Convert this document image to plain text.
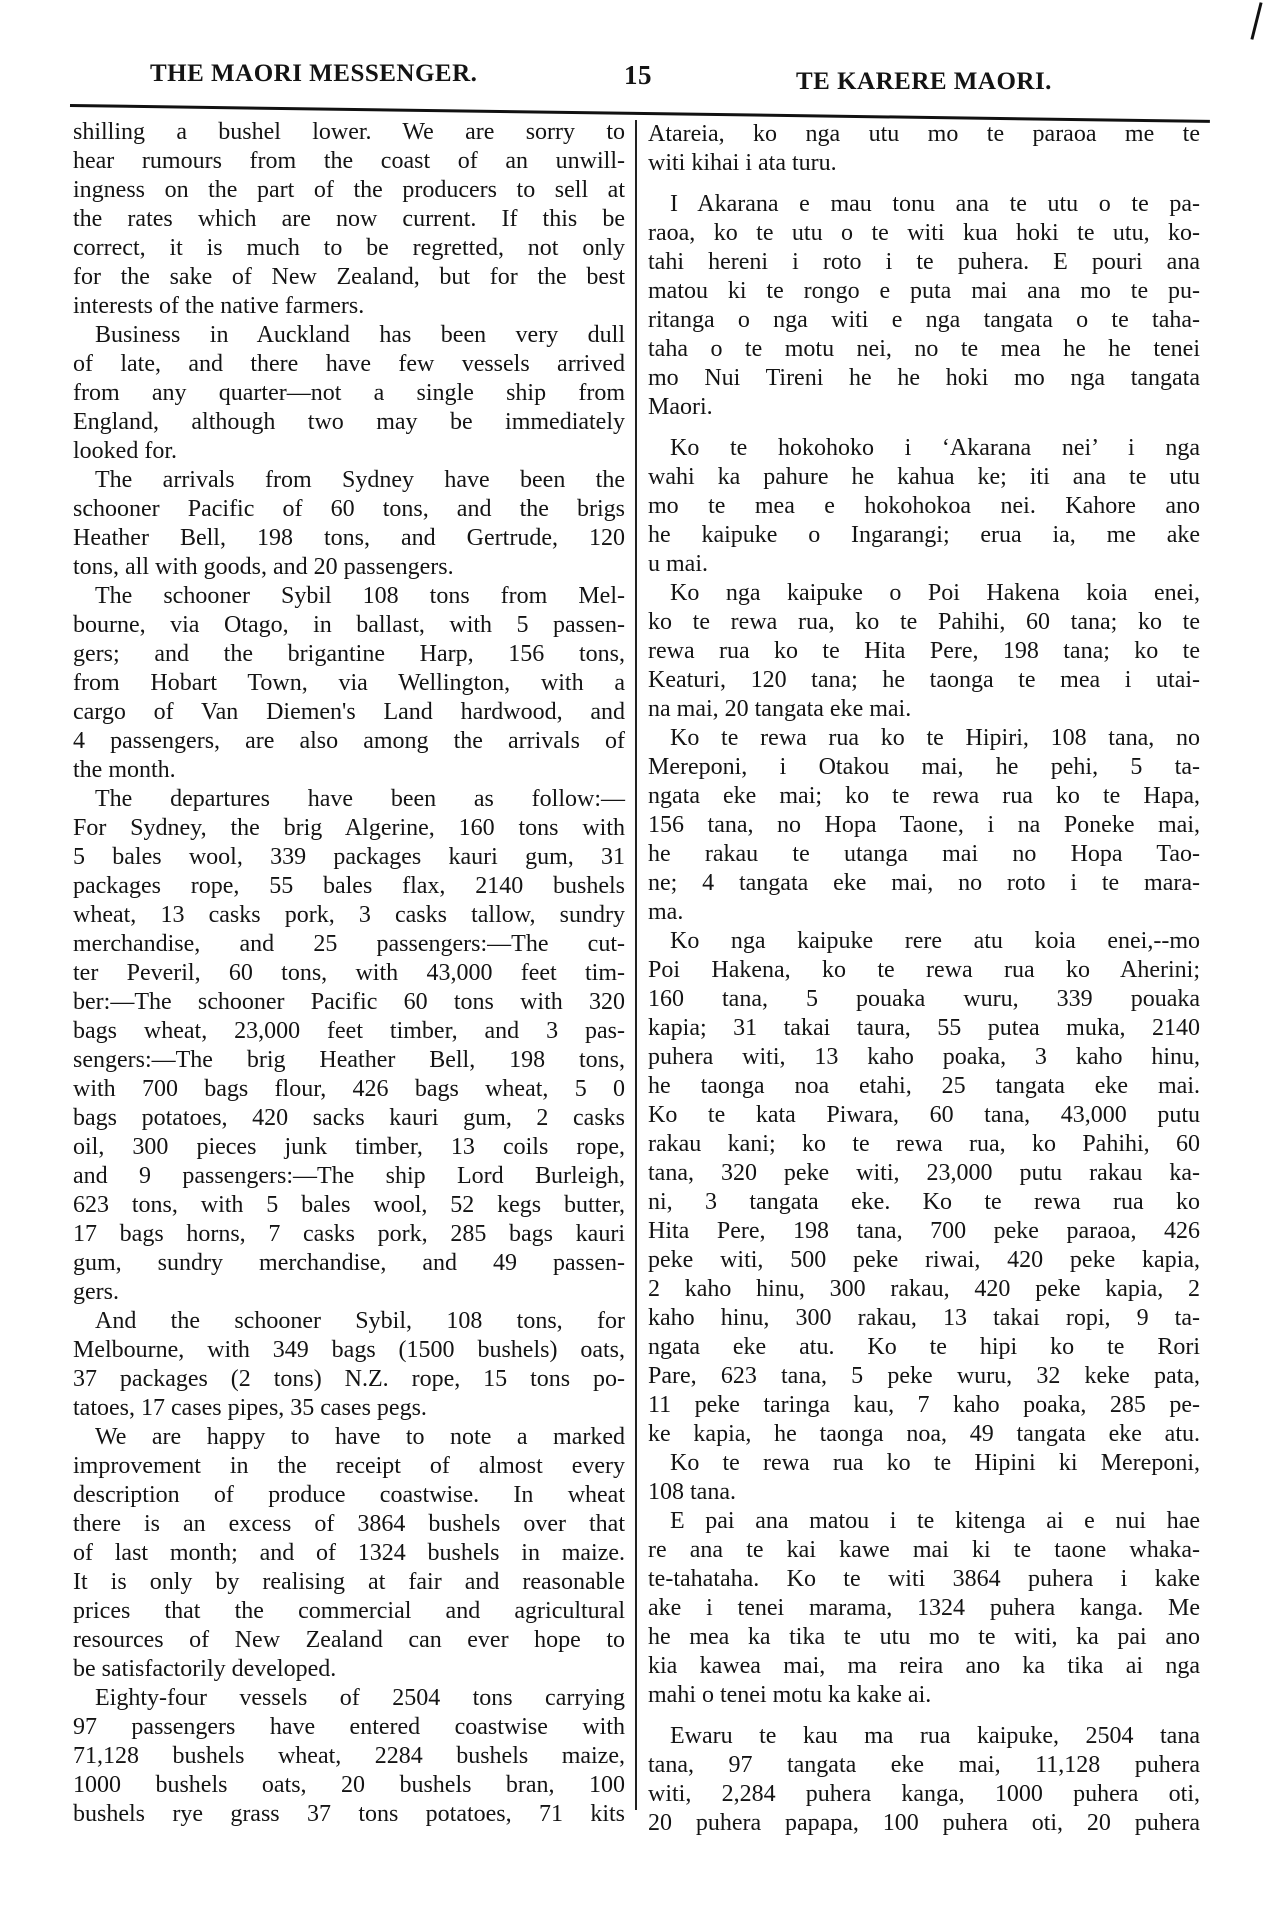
THE MAORI MESSENGER.	15	TE KARERE MAORI.
shilling a bushel lower. We are sorry to
hear rumours from the coast of an unwill-
ingness on the part of the producers to sell at
the rates which are now current. If this be
correct, it is much to be regretted, not only
for the sake of New Zealand, but for the best
interests of the native farmers.
Business in Auckland has been very dull
of late, and there have few vessels arrived
from any quarter—not a single ship from
England, although two may be immediately
looked for.
The arrivals from Sydney have been the
schooner Pacific of 60 tons, and the brigs
Heather Bell, 198 tons, and Gertrude, 120
tons, all with goods, and 20 passengers.
The schooner Sybil 108 tons from Mel-
bourne, via Otago, in ballast, with 5 passen-
gers; and the brigantine Harp, 156 tons,
from Hobart Town, via Wellington, with a
cargo of Van Diemen's Land hardwood, and
4 passengers, are also among the arrivals of
the month.
The departures have been as follow:—
For Sydney, the brig Algerine, 160 tons with
5 bales wool, 339 packages kauri gum, 31
packages rope, 55 bales flax, 2140 bushels
wheat, 13 casks pork, 3 casks tallow, sundry
merchandise, and 25 passengers:—The cut-
ter Peveril, 60 tons, with 43,000 feet tim-
ber:—The schooner Pacific 60 tons with 320
bags wheat, 23,000 feet timber, and 3 pas-
sengers:—The brig Heather Bell, 198 tons,
with 700 bags flour, 426 bags wheat, 5 0
bags potatoes, 420 sacks kauri gum, 2 casks
oil, 300 pieces junk timber, 13 coils rope,
and 9 passengers:—The ship Lord Burleigh,
623 tons, with 5 bales wool, 52 kegs butter,
17 bags horns, 7 casks pork, 285 bags kauri
gum, sundry merchandise, and 49 passen-
gers.
And the schooner Sybil, 108 tons, for
Melbourne, with 349 bags (1500 bushels) oats,
37 packages (2 tons) N.Z. rope, 15 tons po-
tatoes, 17 cases pipes, 35 cases pegs.
We are happy to have to note a marked
improvement in the receipt of almost every
description of produce coastwise. In wheat
there is an excess of 3864 bushels over that
of last month; and of 1324 bushels in maize.
It is only by realising at fair and reasonable
prices that the commercial and agricultural
resources of New Zealand can ever hope to
be satisfactorily developed.
Eighty-four vessels of 2504 tons carrying
97 passengers have entered coastwise with
71,128 bushels wheat, 2284 bushels maize,
1000 bushels oats, 20 bushels bran, 100
bushels rye grass 37 tons potatoes, 71 kits
Atareia, ko nga utu mo te paraoa me te
witi kihai i ata turu.
I Akarana e mau tonu ana te utu o te pa-
raoa, ko te utu o te witi kua hoki te utu, ko-
tahi hereni i roto i te puhera. E pouri ana
matou ki te rongo e puta mai ana mo te pu-
ritanga o nga witi e nga tangata o te taha-
taha o te motu nei, no te mea he he tenei
mo Nui Tireni he he hoki mo nga tangata
Maori.
Ko te hokohoko i ‘Akarana nei’ i nga
wahi ka pahure he kahua ke; iti ana te utu
mo te mea e hokohokoa nei. Kahore ano
he kaipuke o Ingarangi; erua ia, me ake
u mai.
Ko nga kaipuke o Poi Hakena koia enei,
ko te rewa rua, ko te Pahihi, 60 tana; ko te
rewa rua ko te Hita Pere, 198 tana; ko te
Keaturi, 120 tana; he taonga te mea i utai-
na mai, 20 tangata eke mai.
Ko te rewa rua ko te Hipiri, 108 tana, no
Mereponi, i Otakou mai, he pehi, 5 ta-
ngata eke mai; ko te rewa rua ko te Hapa,
156 tana, no Hopa Taone, i na Poneke mai,
he rakau te utanga mai no Hopa Tao-
ne; 4 tangata eke mai, no roto i te mara-
ma.
Ko nga kaipuke rere atu koia enei,--mo
Poi Hakena, ko te rewa rua ko Aherini;
160 tana, 5 pouaka wuru, 339 pouaka
kapia; 31 takai taura, 55 putea muka, 2140
puhera witi, 13 kaho poaka, 3 kaho hinu,
he taonga noa etahi, 25 tangata eke mai.
Ko te kata Piwara, 60 tana, 43,000 putu
rakau kani; ko te rewa rua, ko Pahihi, 60
tana, 320 peke witi, 23,000 putu rakau ka-
ni, 3 tangata eke. Ko te rewa rua ko
Hita Pere, 198 tana, 700 peke paraoa, 426
peke witi, 500 peke riwai, 420 peke kapia,
2 kaho hinu, 300 rakau, 420 peke kapia, 2
kaho hinu, 300 rakau, 13 takai ropi, 9 ta-
ngata eke atu. Ko te hipi ko te Rori
Pare, 623 tana, 5 peke wuru, 32 keke pata,
11 peke taringa kau, 7 kaho poaka, 285 pe-
ke kapia, he taonga noa, 49 tangata eke atu.
Ko te rewa rua ko te Hipini ki Mereponi,
108 tana.
E pai ana matou i te kitenga ai e nui hae
re ana te kai kawe mai ki te taone whaka-
te-tahataha. Ko te witi 3864 puhera i kake
ake i tenei marama, 1324 puhera kanga. Me
he mea ka tika te utu mo te witi, ka pai ano
kia kawea mai, ma reira ano ka tika ai nga
mahi o tenei motu ka kake ai.
Ewaru te kau ma rua kaipuke, 2504 tana
tana, 97 tangata eke mai, 11,128 puhera
witi, 2,284 puhera kanga, 1000 puhera oti,
20 puhera papapa, 100 puhera oti, 20 puhera
